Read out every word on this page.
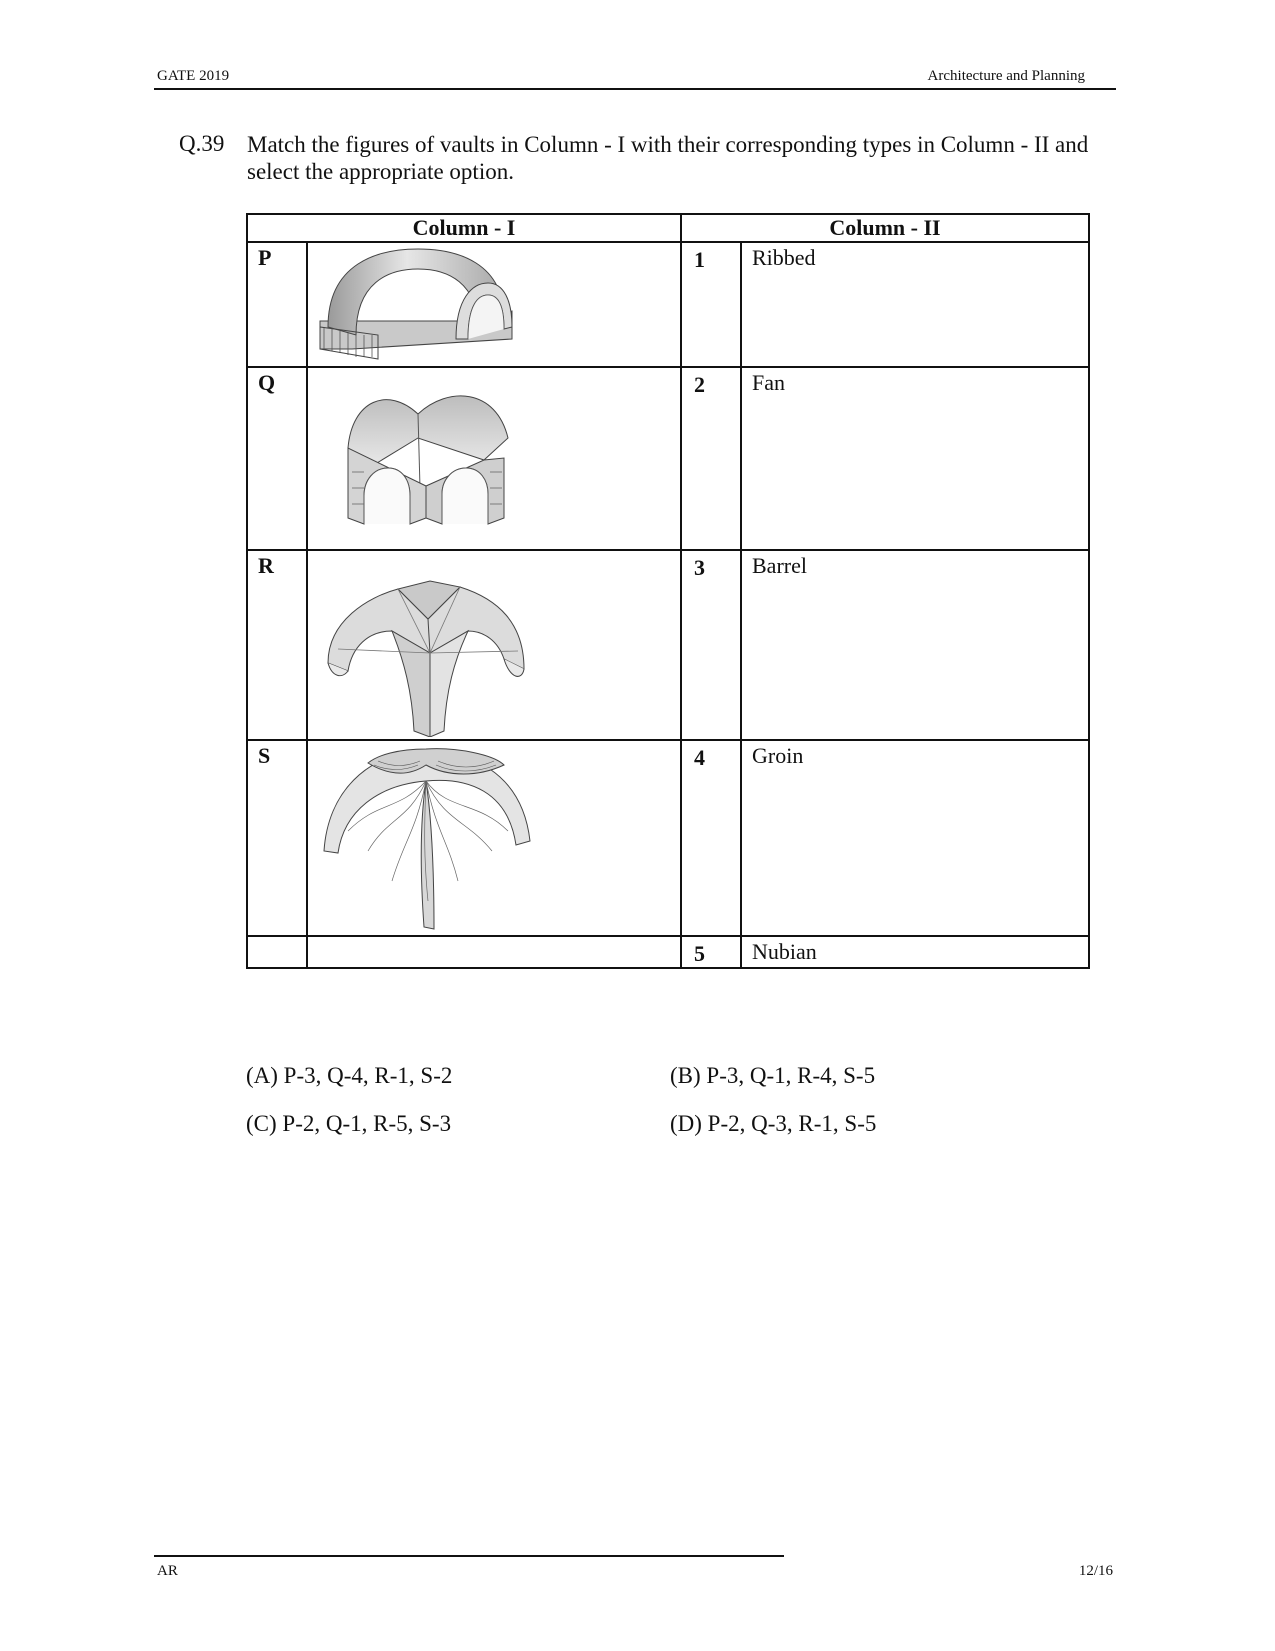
GATE 2019	Architecture and Planning
Q.39 Match the figures of vaults in Column - I with their corresponding types in Column - II and select the appropriate option.
Column - I		Column - II	
P		1	Ribbed
Q		2	Fan
R		3	Barrel
S		4	Groin
		5	Nubian
(A) P-3, Q-4, R-1, S-2	(B) P-3, Q-1, R-4, S-5
(C) P-2, Q-1, R-5, S-3	(D) P-2, Q-3, R-1, S-5
AR	12/16
